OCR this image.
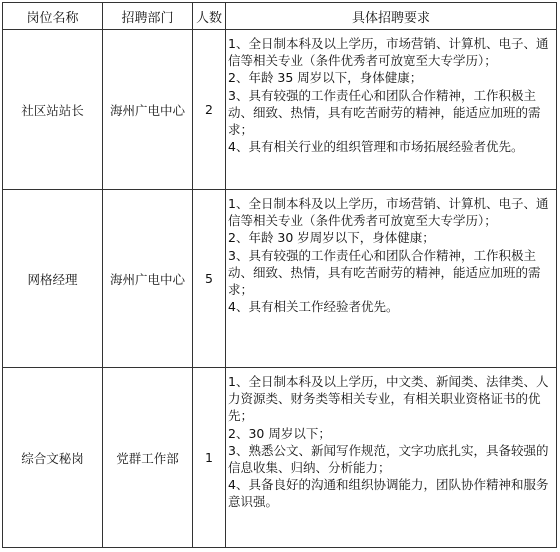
岗位名称	招聘部门	人数	具体招聘要求
社区站站长	海州广电中心	2	1、全日制本科及以上学历，市场营销、计算机、电子、通信等相关专业（条件优秀者可放宽至大专学历）；
2、年龄 35 周岁以下，身体健康；
3、具有较强的工作责任心和团队合作精神，工作积极主动、细致、热情，具有吃苦耐劳的精神，能适应加班的需求；
4、具有相关行业的组织管理和市场拓展经验者优先。

网格经理	海州广电中心	5	1、全日制本科及以上学历，市场营销、计算机、电子、通信等相关专业（条件优秀者可放宽至大专学历）；
2、年龄 30 岁周岁以下，身体健康；
3、具有较强的工作责任心和团队合作精神，工作积极主动、细致、热情，具有吃苦耐劳的精神，能适应加班的需求；
4、具有相关工作经验者优先。

综合文秘岗	党群工作部	1	1、全日制本科及以上学历，中文类、新闻类、法律类、人力资源类、财务类等相关专业，有相关职业资格证书的优先；
2、30 周岁以下；
3、熟悉公文、新闻写作规范，文字功底扎实，具备较强的信息收集、归纳、分析能力；
4、具备良好的沟通和组织协调能力，团队协作精神和服务意识强。
